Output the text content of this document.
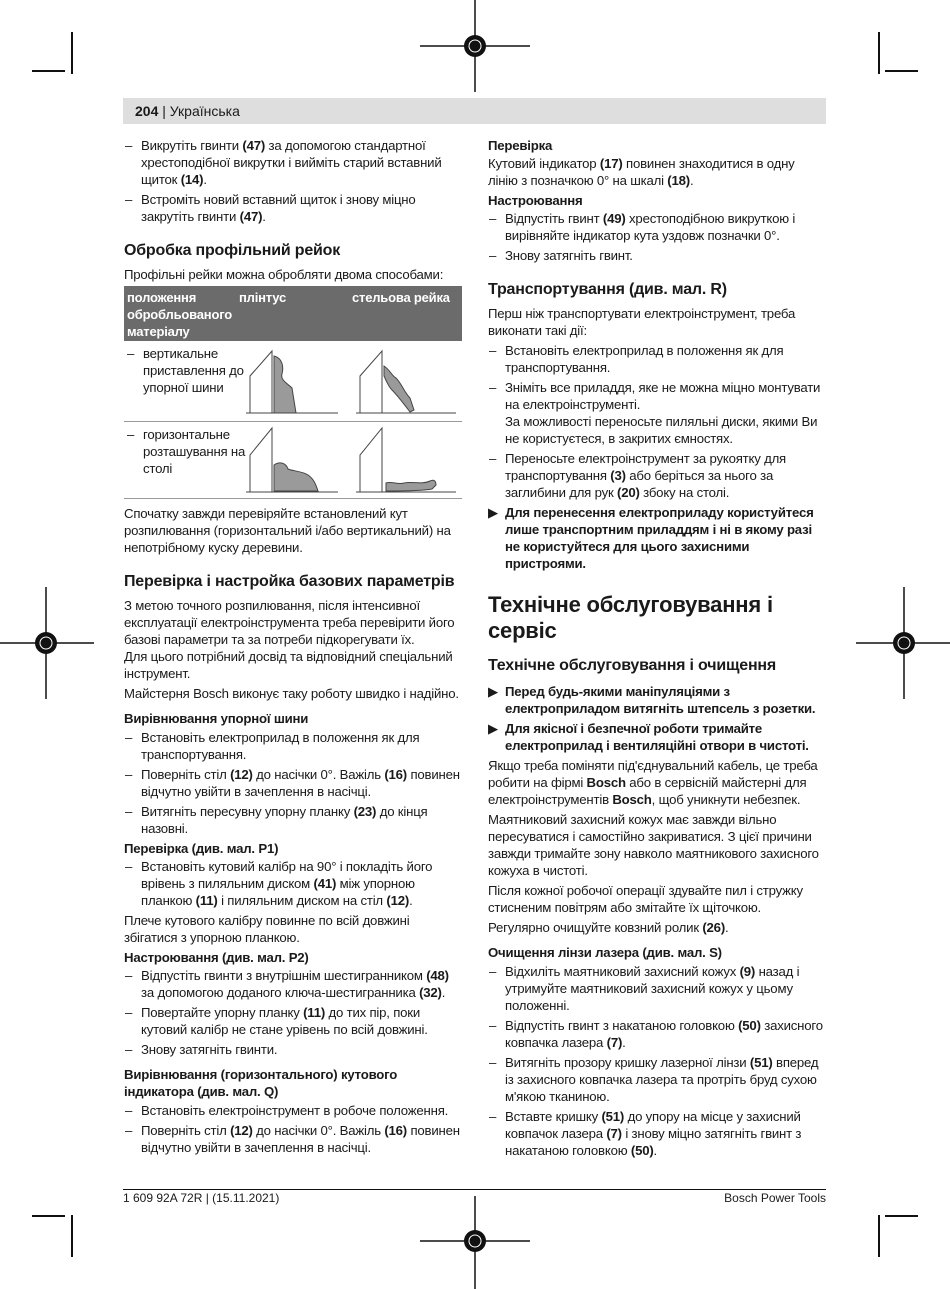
204 | Українська
– Викрутіть гвинти (47) за допомогою стандартної хрестоподібної викрутки і вийміть старий вставний щиток (14).
– Встроміть новий вставний щиток і знову міцно закрутіть гвинти (47).
Обробка профільний рейок

Профільні рейки можна обробляти двома способами:

положення обробльованого матеріалу
плінтус	стельова рейка
– вертикальне приставлення до упорної шини
– горизонтальне розташування на столі

Спочатку завжди перевіряйте встановлений кут розпилювання (горизонтальний і/або вертикальний) на непотрібному куску деревини.

Перевірка і настройка базових параметрів

З метою точного розпилювання, після інтенсивної експлуатації електроінструмента треба перевірити його базові параметри та за потреби підкорегувати їх.

Для цього потрібний досвід та відповідний спеціальний інструмент.

Майстерня Bosch виконує таку роботу швидко і надійно.

Вирівнювання упорної шини
– Встановіть електроприлад в положення як для транспортування.
– Поверніть стіл (12) до насічки 0°. Важіль (16) повинен відчутно увійти в зачеплення в насічці.
– Витягніть пересувну упорну планку (23) до кінця назовні.
Перевірка (див. мал. P1)
– Встановіть кутовий калібр на 90° і покладіть його врівень з пиляльним диском (41) між упорною планкою (11) і пиляльним диском на стіл (12).

Плече кутового калібру повинне по всій довжині збігатися з упорною планкою.

Настроювання (див. мал. P2)
– Відпустіть гвинти з внутрішнім шестигранником (48) за допомогою доданого ключа-шестигранника (32).
– Повертайте упорну планку (11) до тих пір, поки кутовий калібр не стане урівень по всій довжині.
– Знову затягніть гвинти.
Вирівнювання (горизонтального) кутового індикатора (див. мал. Q)
– Встановіть електроінструмент в робоче положення.
– Поверніть стіл (12) до насічки 0°. Важіль (16) повинен відчутно увійти в зачеплення в насічці.
Перевірка

Кутовий індикатор (17) повинен знаходитися в одну лінію з позначкою 0° на шкалі (18).

Настроювання
– Відпустіть гвинт (49) хрестоподібною викруткою і вирівняйте індикатор кута уздовж позначки 0°.
– Знову затягніть гвинт.
Транспортування (див. мал. R)

Перш ніж транспортувати електроінструмент, треба виконати такі дії:

– Встановіть електроприлад в положення як для транспортування.
– Зніміть все приладдя, яке не можна міцно монтувати на електроінструменті.
За можливості переносьте пиляльні диски, якими Ви не користуєтеся, в закритих ємностях.
– Переносьте електроінструмент за рукоятку для транспортування (3) або беріться за нього за заглибини для рук (20) збоку на столі.
▶ Для перенесення електроприладу користуйтеся лише транспортним приладдям і ні в якому разі не користуйтеся для цього захисними пристроями.
Технічне обслуговування і сервіс
Технічне обслуговування і очищення
▶ Перед будь-якими маніпуляціями з електроприладом витягніть штепсель з розетки.
▶ Для якісної і безпечної роботи тримайте електроприлад і вентиляційні отвори в чистоті.

Якщо треба поміняти під'єднувальний кабель, це треба робити на фірмі Bosch або в сервісній майстерні для електроінструментів Bosch, щоб уникнути небезпек.

Маятниковий захисний кожух має завжди вільно пересуватися і самостійно закриватися. З цієї причини завжди тримайте зону навколо маятникового захисного кожуха в чистоті.

Після кожної робочої операції здувайте пил і стружку стисненим повітрям або змітайте їх щіточкою.

Регулярно очищуйте ковзний ролик (26).

Очищення лінзи лазера (див. мал. S)
– Відхиліть маятниковий захисний кожух (9) назад і утримуйте маятниковий захисний кожух у цьому положенні.
– Відпустіть гвинт з накатаною головкою (50) захисного ковпачка лазера (7).
– Витягніть прозору кришку лазерної лінзи (51) вперед із захисного ковпачка лазера та протріть бруд сухою м'якою тканиною.
– Вставте кришку (51) до упору на місце у захисний ковпачок лазера (7) і знову міцно затягніть гвинт з накатаною головкою (50).
1 609 92A 72R | (15.11.2021)	Bosch Power Tools
